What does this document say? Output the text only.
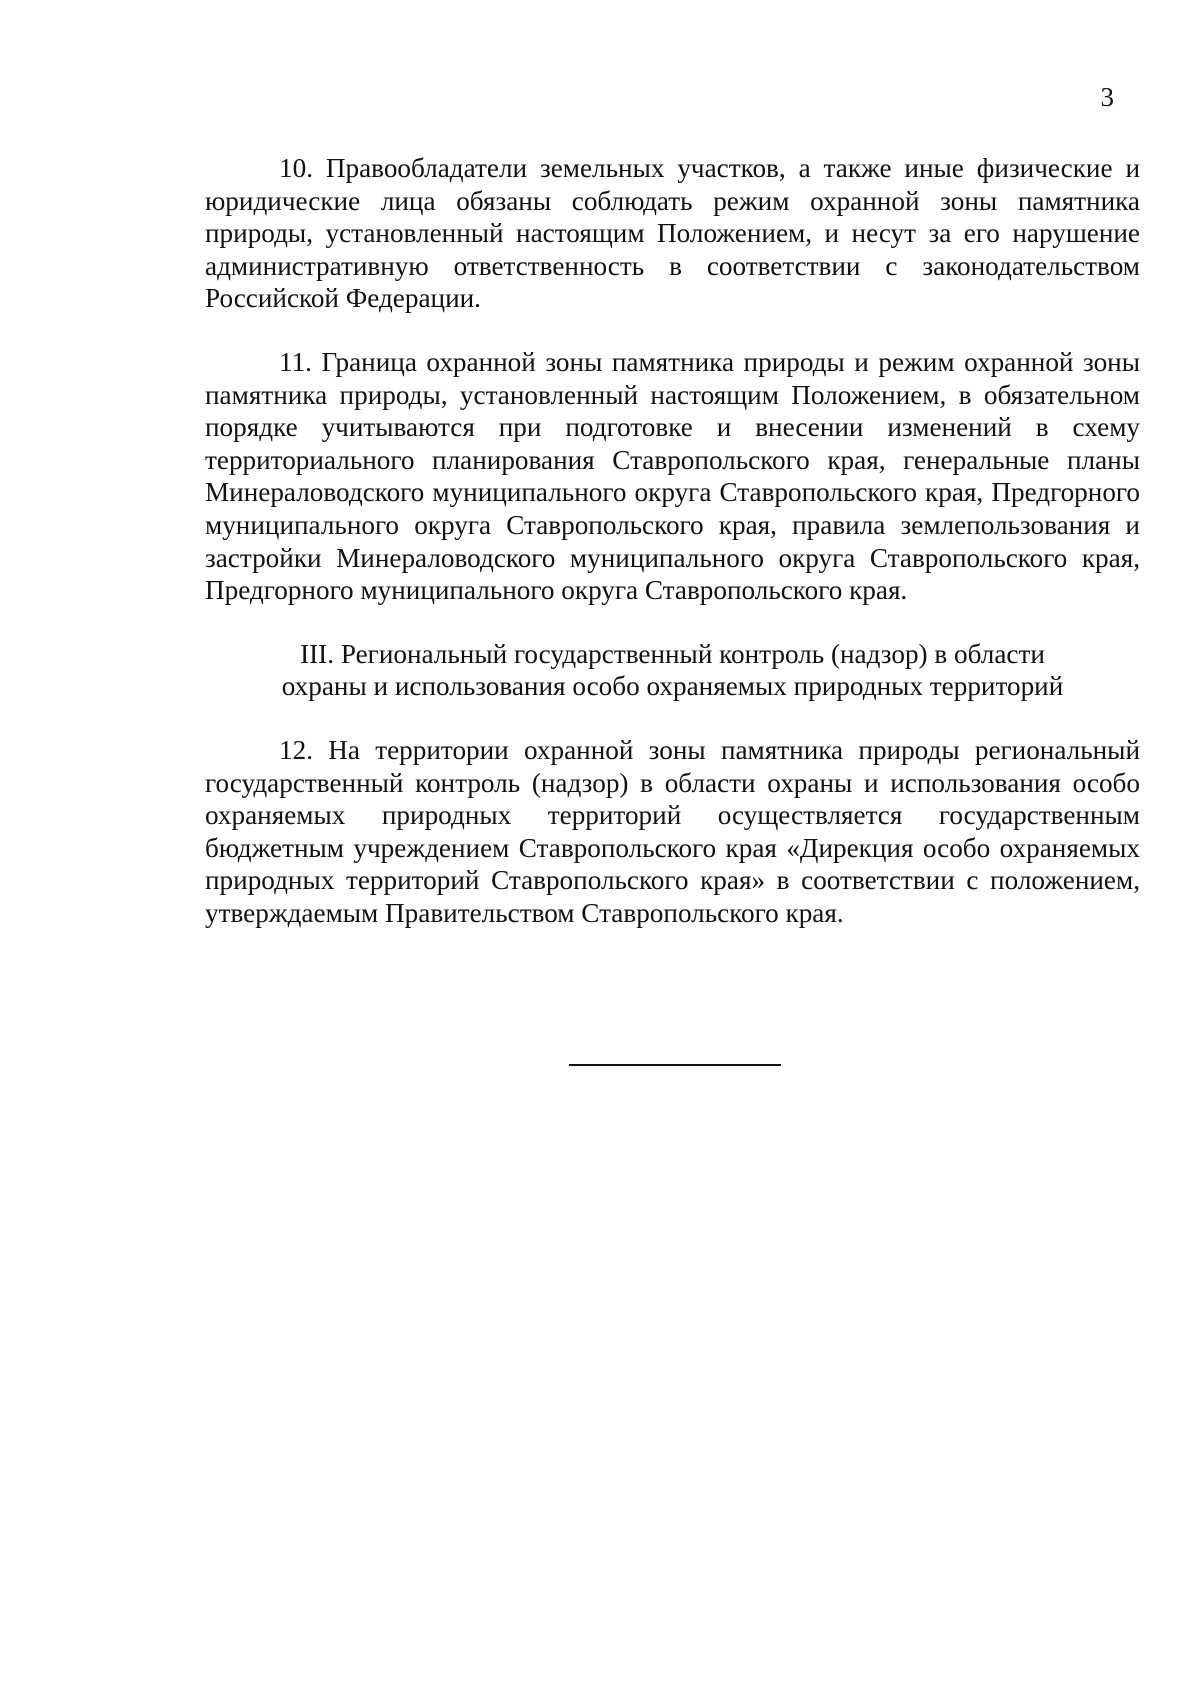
3

10. Правообладатели земельных участков, а также иные физические и юридические лица обязаны соблюдать режим охранной зоны памятника природы, установленный настоящим Положением, и несут за его нарушение административную ответственность в соответствии с законодательством Российской Федерации.

11. Граница охранной зоны памятника природы и режим охранной зоны памятника природы, установленный настоящим Положением, в обязательном порядке учитываются при подготовке и внесении изменений в схему территориального планирования Ставропольского края, генеральные планы Минераловодского муниципального округа Ставропольского края, Предгорного муниципального округа Ставропольского края, правила землепользования и застройки Минераловодского муниципального округа Ставропольского края, Предгорного муниципального округа Ставропольского края.

III. Региональный государственный контроль (надзор) в области
охраны и использования особо охраняемых природных территорий

12. На территории охранной зоны памятника природы региональный государственный контроль (надзор) в области охраны и использования особо охраняемых природных территорий осуществляется государственным бюджетным учреждением Ставропольского края «Дирекция особо охраняемых природных территорий Ставропольского края» в соответствии с положением, утверждаемым Правительством Ставропольского края.
